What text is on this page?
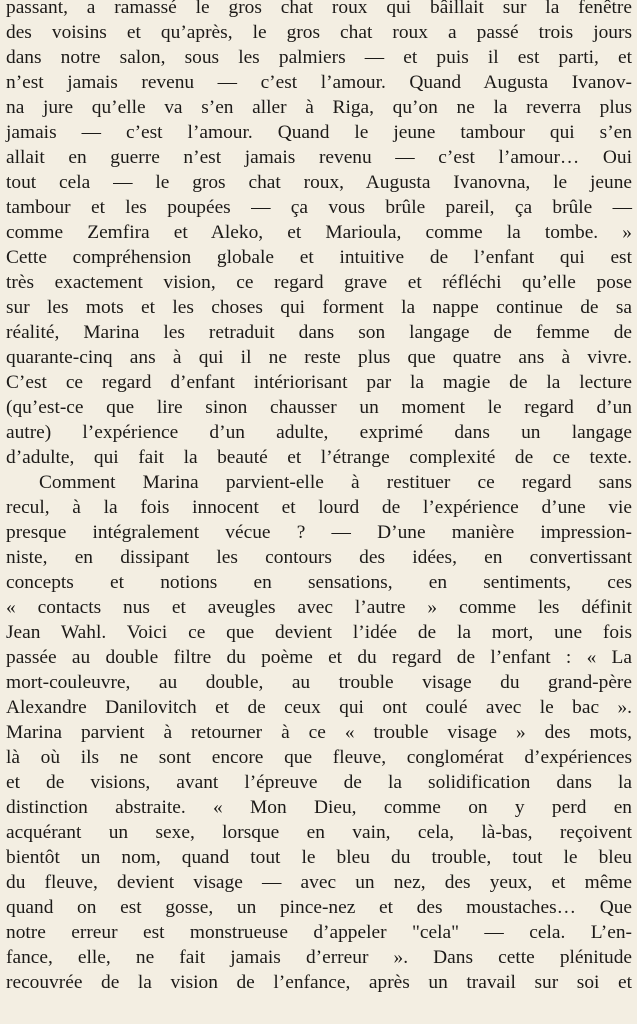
passant, a ramassé le gros chat roux qui bâillait sur la fenêtre
des voisins et qu’après, le gros chat roux a passé trois jours
dans notre salon, sous les palmiers — et puis il est parti, et
n’est jamais revenu — c’est l’amour. Quand Augusta Ivanov-
na jure qu’elle va s’en aller à Riga, qu’on ne la reverra plus
jamais — c’est l’amour. Quand le jeune tambour qui s’en
allait en guerre n’est jamais revenu — c’est l’amour… Oui
tout cela — le gros chat roux, Augusta Ivanovna, le jeune
tambour et les poupées — ça vous brûle pareil, ça brûle —
comme Zemfira et Aleko, et Marioula, comme la tombe. »
Cette compréhension globale et intuitive de l’enfant qui est
très exactement vision, ce regard grave et réfléchi qu’elle pose
sur les mots et les choses qui forment la nappe continue de sa
réalité, Marina les retraduit dans son langage de femme de
quarante-cinq ans à qui il ne reste plus que quatre ans à vivre.
C’est ce regard d’enfant intériorisant par la magie de la lecture
(qu’est-ce que lire sinon chausser un moment le regard d’un
autre) l’expérience d’un adulte, exprimé dans un langage
d’adulte, qui fait la beauté et l’étrange complexité de ce texte.
Comment Marina parvient-elle à restituer ce regard sans
recul, à la fois innocent et lourd de l’expérience d’une vie
presque intégralement vécue ? — D’une manière impression-
niste, en dissipant les contours des idées, en convertissant
concepts et notions en sensations, en sentiments, ces
« contacts nus et aveugles avec l’autre » comme les définit
Jean Wahl. Voici ce que devient l’idée de la mort, une fois
passée au double filtre du poème et du regard de l’enfant : « La
mort-couleuvre, au double, au trouble visage du grand-père
Alexandre Danilovitch et de ceux qui ont coulé avec le bac ».
Marina parvient à retourner à ce « trouble visage » des mots,
là où ils ne sont encore que fleuve, conglomérat d’expériences
et de visions, avant l’épreuve de la solidification dans la
distinction abstraite. « Mon Dieu, comme on y perd en
acquérant un sexe, lorsque en vain, cela, là-bas, reçoivent
bientôt un nom, quand tout le bleu du trouble, tout le bleu
du fleuve, devient visage — avec un nez, des yeux, et même
quand on est gosse, un pince-nez et des moustaches… Que
notre erreur est monstrueuse d’appeler "cela" — cela. L’en-
fance, elle, ne fait jamais d’erreur ». Dans cette plénitude
recouvrée de la vision de l’enfance, après un travail sur soi et
